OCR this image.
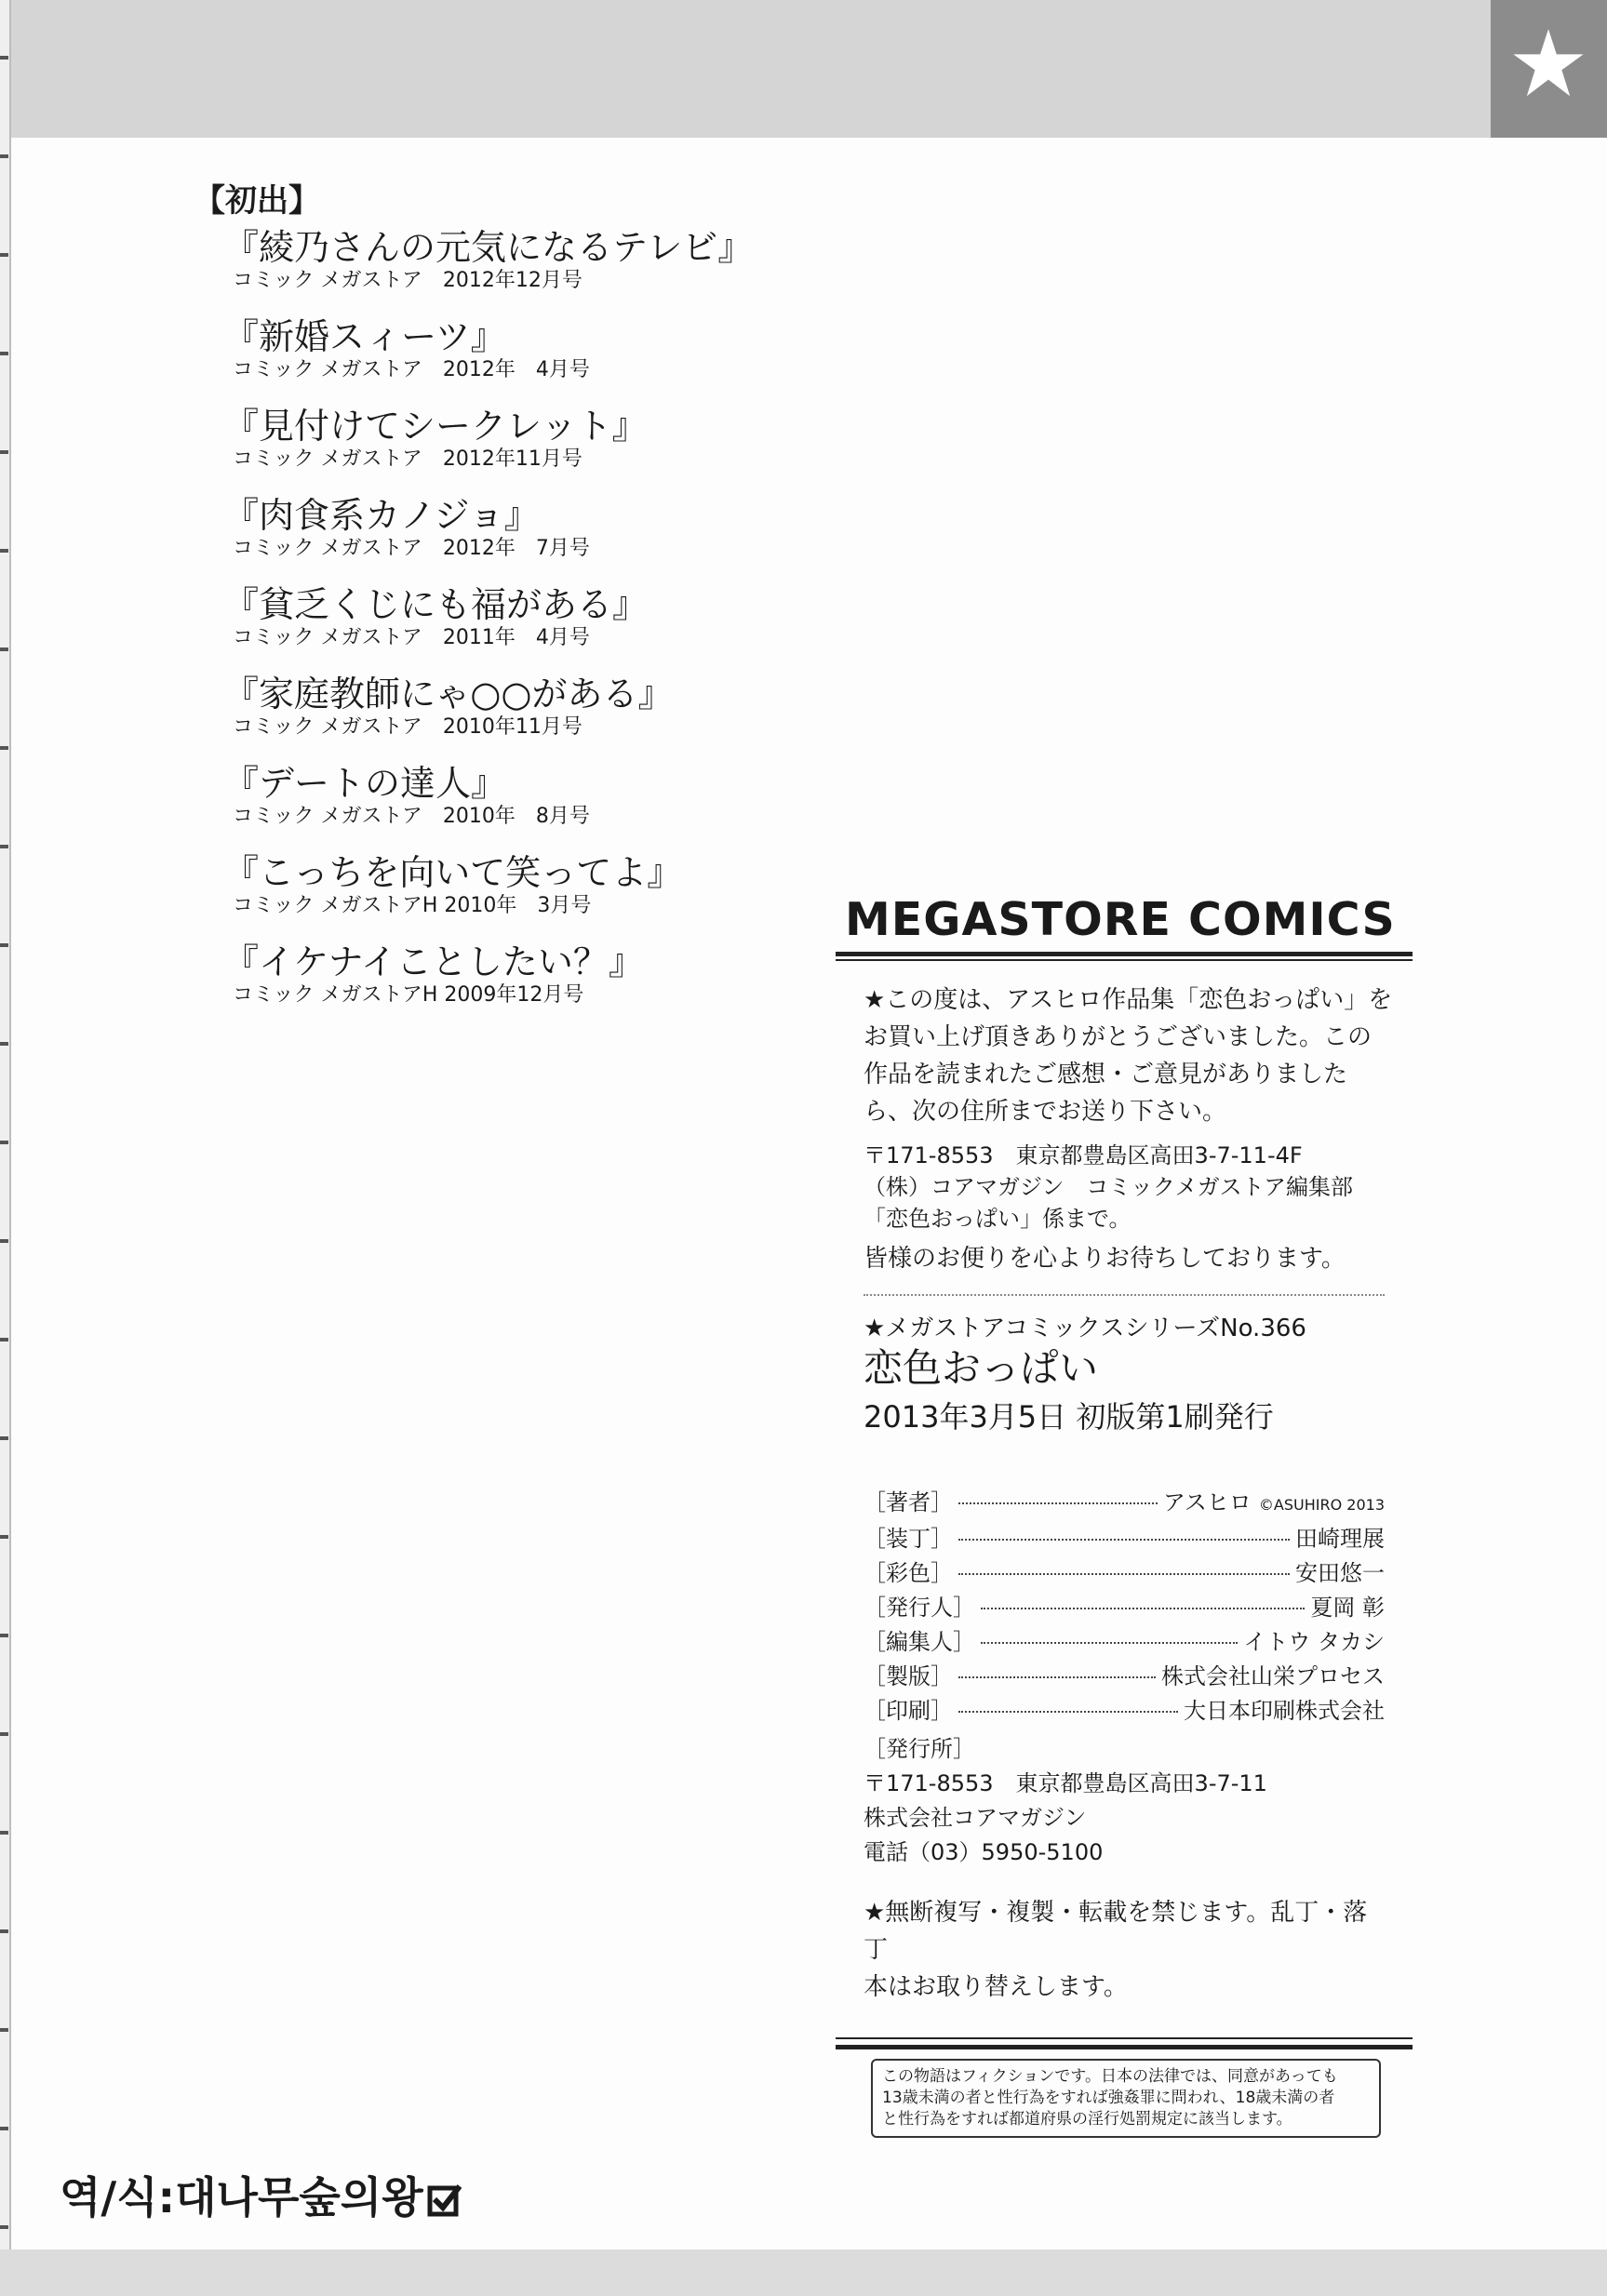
【初出】
『綾乃さんの元気になるテレビ』
コミック メガストア　2012年12月号
『新婚スィーツ』
コミック メガストア　2012年　4月号
『見付けてシークレット』
コミック メガストア　2012年11月号
『肉食系カノジョ』
コミック メガストア　2012年　7月号
『貧乏くじにも福がある』
コミック メガストア　2011年　4月号
『家庭教師にゃ○○がある』
コミック メガストア　2010年11月号
『デートの達人』
コミック メガストア　2010年　8月号
『こっちを向いて笑ってよ』
コミック メガストアH 2010年　3月号
『イケナイことしたい？』
コミック メガストアH 2009年12月号
MEGASTORE COMICS
★この度は、アスヒロ作品集「恋色おっぱい」を
お買い上げ頂きありがとうございました。この
作品を読まれたご感想・ご意見がありました
ら、次の住所までお送り下さい。
〒171-8553　東京都豊島区高田3-7-11-4F
（株）コアマガジン　コミックメガストア編集部
「恋色おっぱい」係まで。
皆様のお便りを心よりお待ちしております。
★メガストアコミックスシリーズNo.366
恋色おっぱい
2013年3月5日 初版第1刷発行
［著者］	アスヒロ ©ASUHIRO 2013
［装丁］	田崎理展
［彩色］	安田悠一
［発行人］	夏岡 彰
［編集人］	イトウ タカシ
［製版］	株式会社山栄プロセス
［印刷］	大日本印刷株式会社
［発行所］
〒171-8553　東京都豊島区高田3-7-11
株式会社コアマガジン
電話（03）5950-5100
★無断複写・複製・転載を禁じます。乱丁・落丁
本はお取り替えします。
この物語はフィクションです。日本の法律では、同意があっても
13歳未満の者と性行為をすれば強姦罪に問われ、18歳未満の者
と性行為をすれば都道府県の淫行処罰規定に該当します。
역/식:대나무숲의왕
